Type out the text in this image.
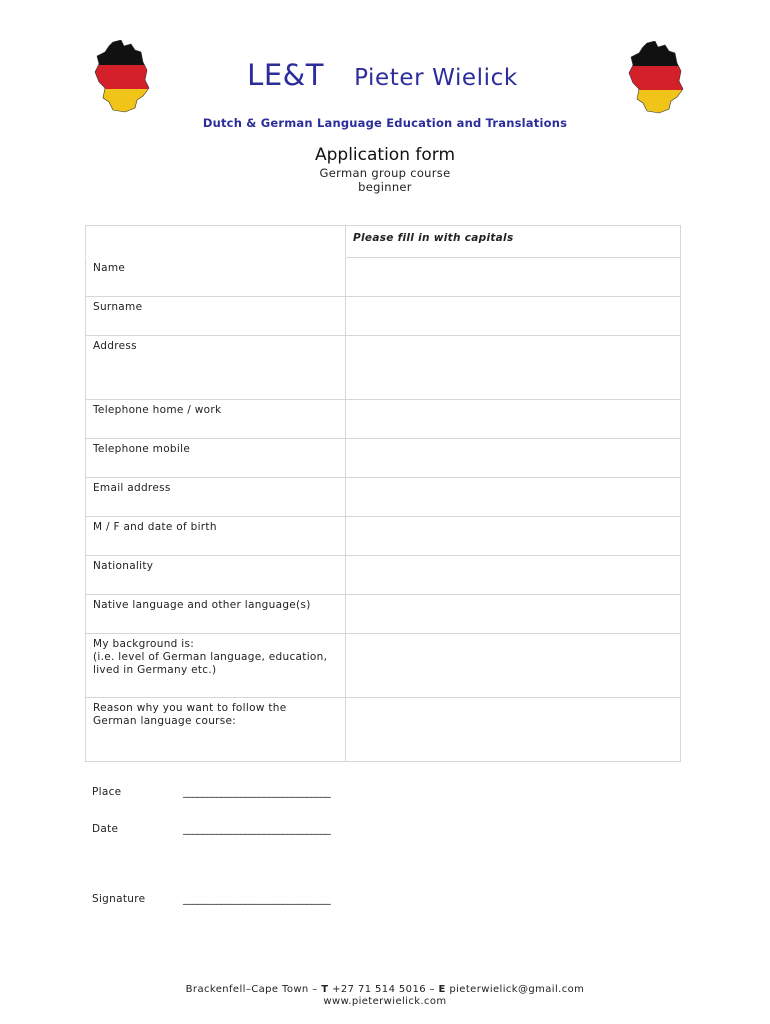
LE&T Pieter Wielick
Dutch & German Language Education and Translations
Application form
German group course
beginner
	Please fill in with capitals

Name	

Surname	

Address	

Telephone home / work	

Telephone mobile	

Email address	

M / F and date of birth	

Nationality	

Native language and other language(s)	

My background is:
(i.e. level of German language, education,
lived in Germany etc.)	

Reason why you want to follow the
German language course:	

Place	_______________________________
Date	_______________________________
Signature	_______________________________
Brackenfell–Cape Town – T +27 71 514 5016 – E pieterwielick@gmail.com
www.pieterwielick.com
